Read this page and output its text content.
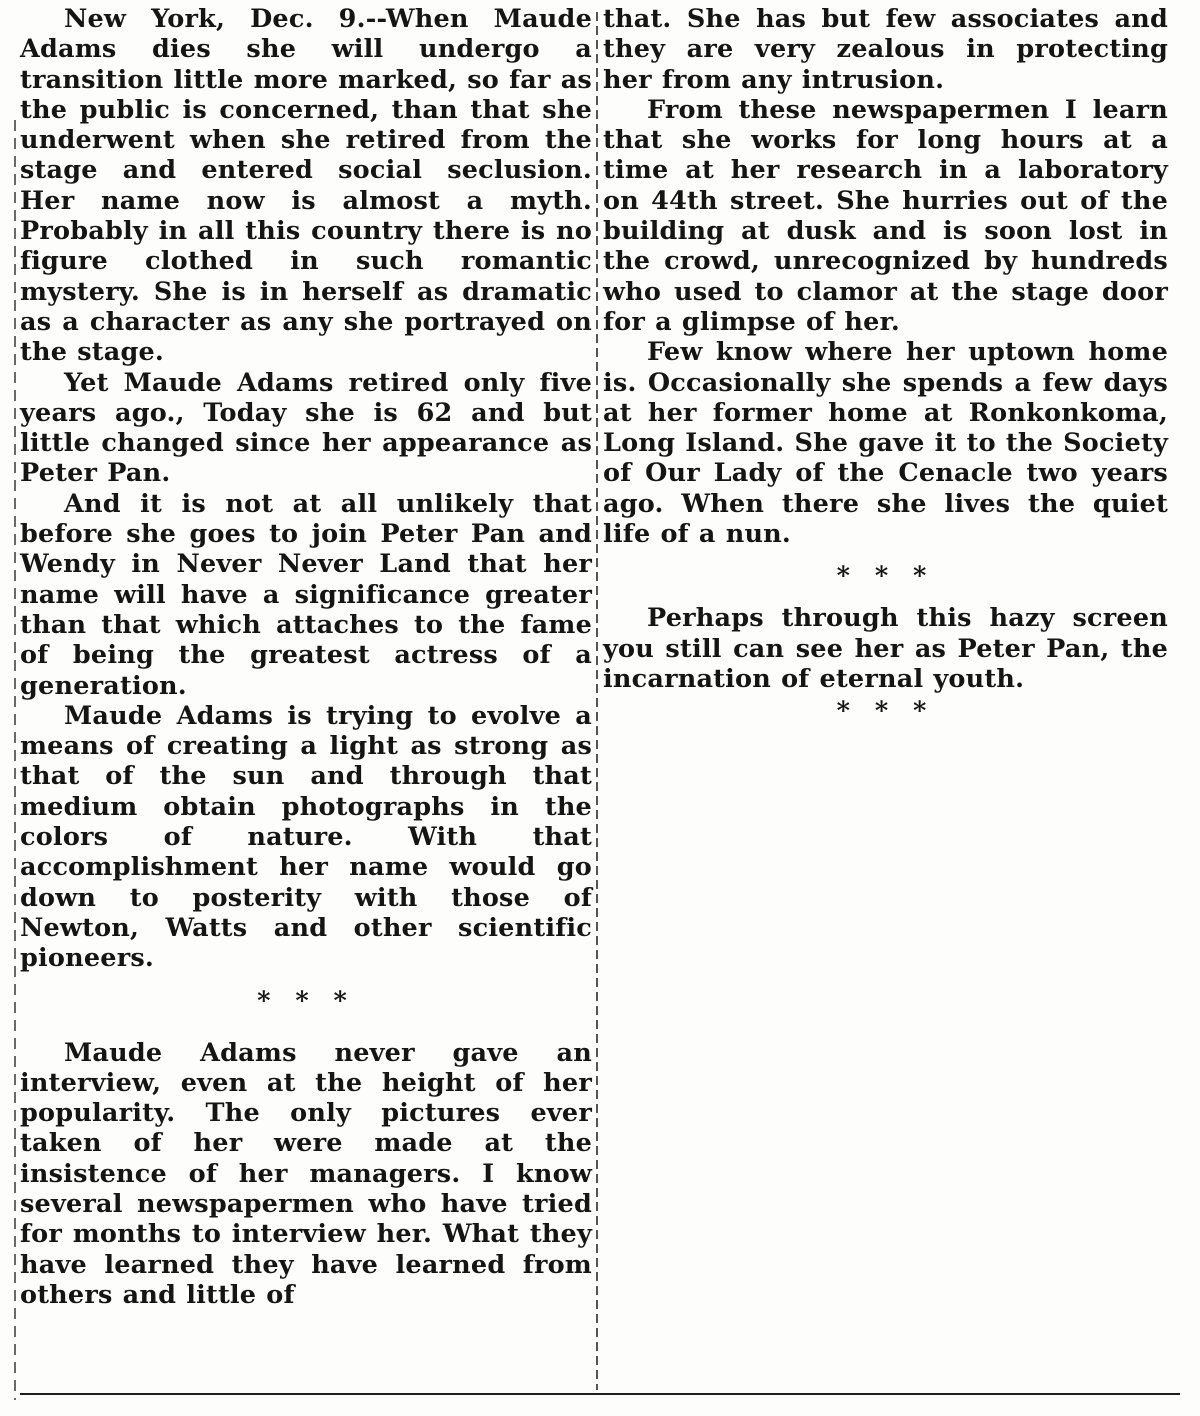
New York, Dec. 9.--When Maude Adams dies she will undergo a transition little more marked, so far as the public is concerned, than that she underwent when she retired from the stage and entered social seclusion. Her name now is almost a myth. Probably in all this country there is no figure clothed in such romantic mystery. She is in herself as dramatic as a character as any she portrayed on the stage.

Yet Maude Adams retired only five years ago., Today she is 62 and but little changed since her appearance as Peter Pan.

And it is not at all unlikely that before she goes to join Peter Pan and Wendy in Never Never Land that her name will have a significance greater than that which attaches to the fame of being the greatest actress of a generation.

Maude Adams is trying to evolve a means of creating a light as strong as that of the sun and through that medium obtain photographs in the colors of nature. With that accomplishment her name would go down to posterity with those of Newton, Watts and other scientific pioneers.

* * *

Maude Adams never gave an interview, even at the height of her popularity. The only pictures ever taken of her were made at the insistence of her managers. I know several newspapermen who have tried for months to interview her. What they have learned they have learned from others and little of

that. She has but few associates and they are very zealous in protecting her from any intrusion.

From these newspapermen I learn that she works for long hours at a time at her research in a laboratory on 44th street. She hurries out of the building at dusk and is soon lost in the crowd, unrecognized by hundreds who used to clamor at the stage door for a glimpse of her.

Few know where her uptown home is. Occasionally she spends a few days at her former home at Ronkonkoma, Long Island. She gave it to the Society of Our Lady of the Cenacle two years ago. When there she lives the quiet life of a nun.

* * *

Perhaps through this hazy screen you still can see her as Peter Pan, the incarnation of eternal youth.

* * *
